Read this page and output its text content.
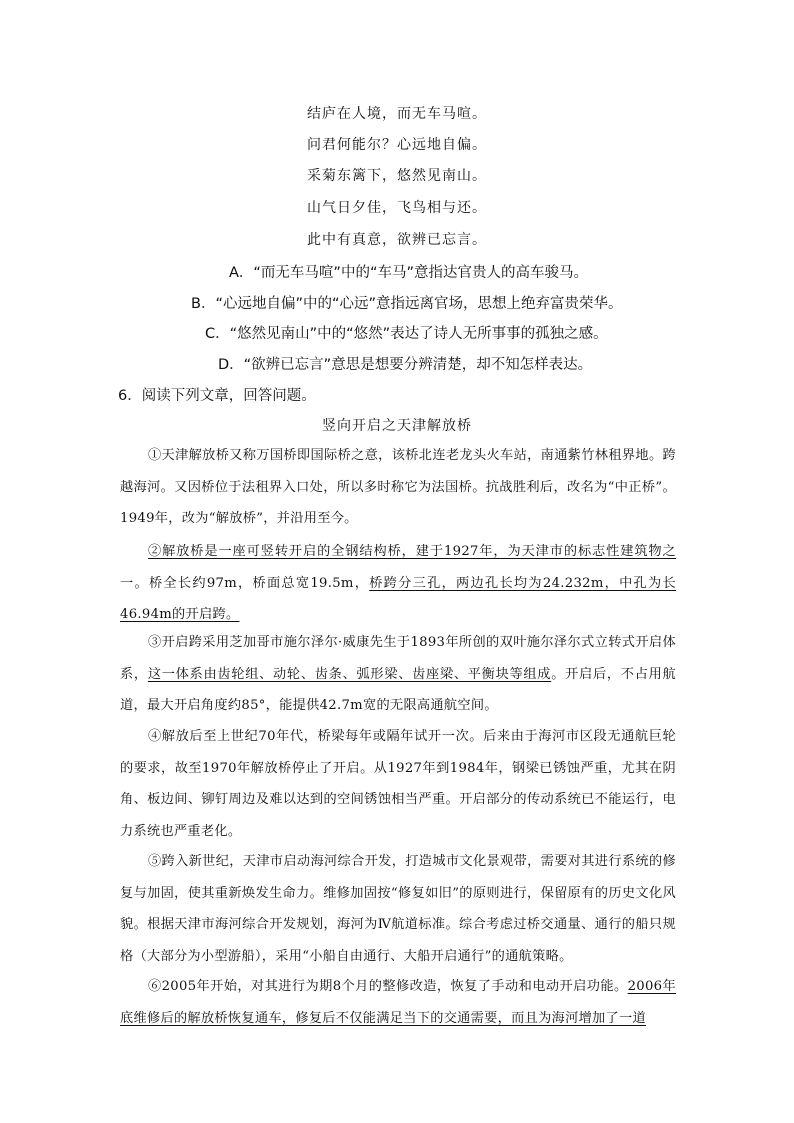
结庐在人境，而无车马喧。
问君何能尔？心远地自偏。
采菊东篱下，悠然见南山。
山气日夕佳，飞鸟相与还。
此中有真意，欲辨已忘言。
A．“而无车马喧”中的“车马”意指达官贵人的高车骏马。
B．“心远地自偏”中的“心远”意指远离官场，思想上绝弃富贵荣华。
C．“悠然见南山”中的“悠然”表达了诗人无所事事的孤独之感。
D．“欲辨已忘言”意思是想要分辨清楚，却不知怎样表达。
6．阅读下列文章，回答问题。
竖向开启之天津解放桥

①天津解放桥又称万国桥即国际桥之意，该桥北连老龙头火车站，南通紫竹林租界地。跨越海河。又因桥位于法租界入口处，所以多时称它为法国桥。抗战胜利后，改名为“中正桥”。1949年，改为“解放桥”，并沿用至今。

②解放桥是一座可竖转开启的全钢结构桥，建于1927年，为天津市的标志性建筑物之一。桥全长约97m，桥面总宽19.5m，桥跨分三孔，两边孔长均为24.232m，中孔为长46.94m的开启跨。

③开启跨采用芝加哥市施尔泽尔·威康先生于1893年所创的双叶施尔泽尔式立转式开启体系，这一体系由齿轮组、动轮、齿条、弧形梁、齿座梁、平衡块等组成。开启后，不占用航道，最大开启角度约85°，能提供42.7m宽的无限高通航空间。

④解放后至上世纪70年代，桥梁每年或隔年试开一次。后来由于海河市区段无通航巨轮的要求，故至1970年解放桥停止了开启。从1927年到1984年，钢梁已锈蚀严重，尤其在阴角、板边间、铆钉周边及难以达到的空间锈蚀相当严重。开启部分的传动系统已不能运行，电力系统也严重老化。

⑤跨入新世纪，天津市启动海河综合开发，打造城市文化景观带，需要对其进行系统的修复与加固，使其重新焕发生命力。维修加固按“修复如旧”的原则进行，保留原有的历史文化风貌。根据天津市海河综合开发规划，海河为Ⅳ航道标准。综合考虑过桥交通量、通行的船只规格（大部分为小型游船），采用“小船自由通行、大船开启通行”的通航策略。

⑥2005年开始，对其进行为期8个月的整修改造，恢复了手动和电动开启功能。2006年底维修后的解放桥恢复通车，修复后不仅能满足当下的交通需要，而且为海河增加了一道
